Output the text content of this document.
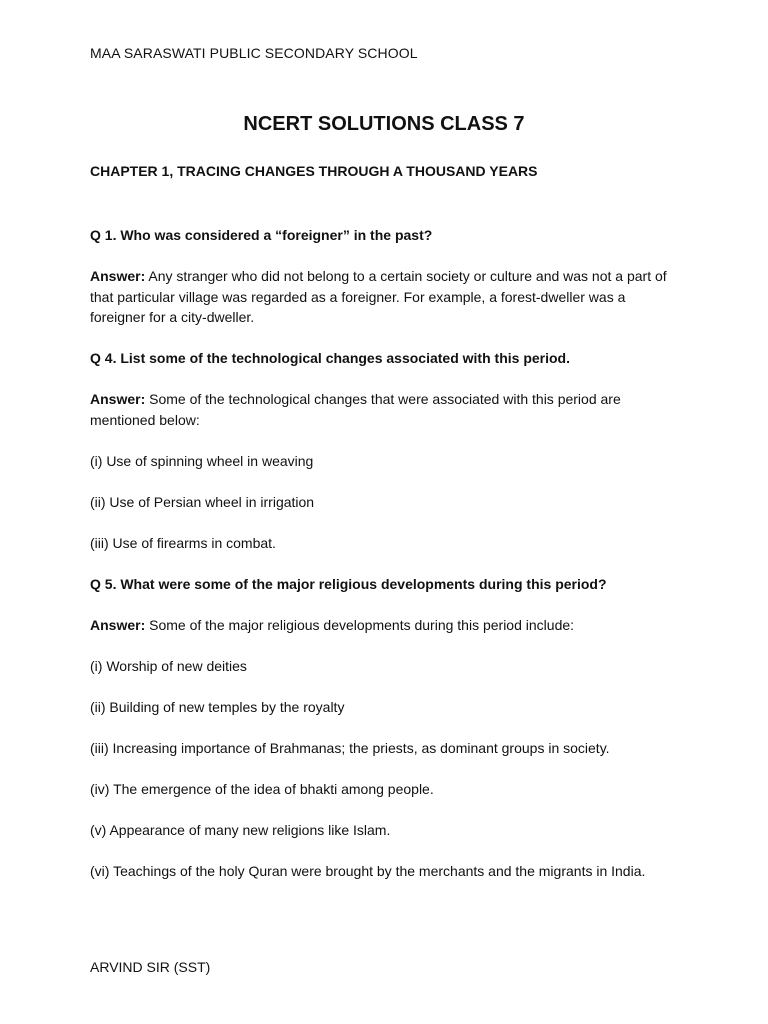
MAA SARASWATI PUBLIC SECONDARY SCHOOL
NCERT SOLUTIONS CLASS 7
CHAPTER 1, TRACING CHANGES THROUGH A THOUSAND YEARS

Q 1. Who was considered a “foreigner” in the past?

Answer: Any stranger who did not belong to a certain society or culture and was not a part of that particular village was regarded as a foreigner. For example, a forest-dweller was a foreigner for a city-dweller.

Q 4. List some of the technological changes associated with this period.

Answer: Some of the technological changes that were associated with this period are mentioned below:

(i) Use of spinning wheel in weaving

(ii) Use of Persian wheel in irrigation

(iii) Use of firearms in combat.

Q 5. What were some of the major religious developments during this period?

Answer: Some of the major religious developments during this period include:

(i) Worship of new deities

(ii) Building of new temples by the royalty

(iii) Increasing importance of Brahmanas; the priests, as dominant groups in society.

(iv) The emergence of the idea of bhakti among people.

(v) Appearance of many new religions like Islam.

(vi) Teachings of the holy Quran were brought by the merchants and the migrants in India.

ARVIND SIR (SST)
